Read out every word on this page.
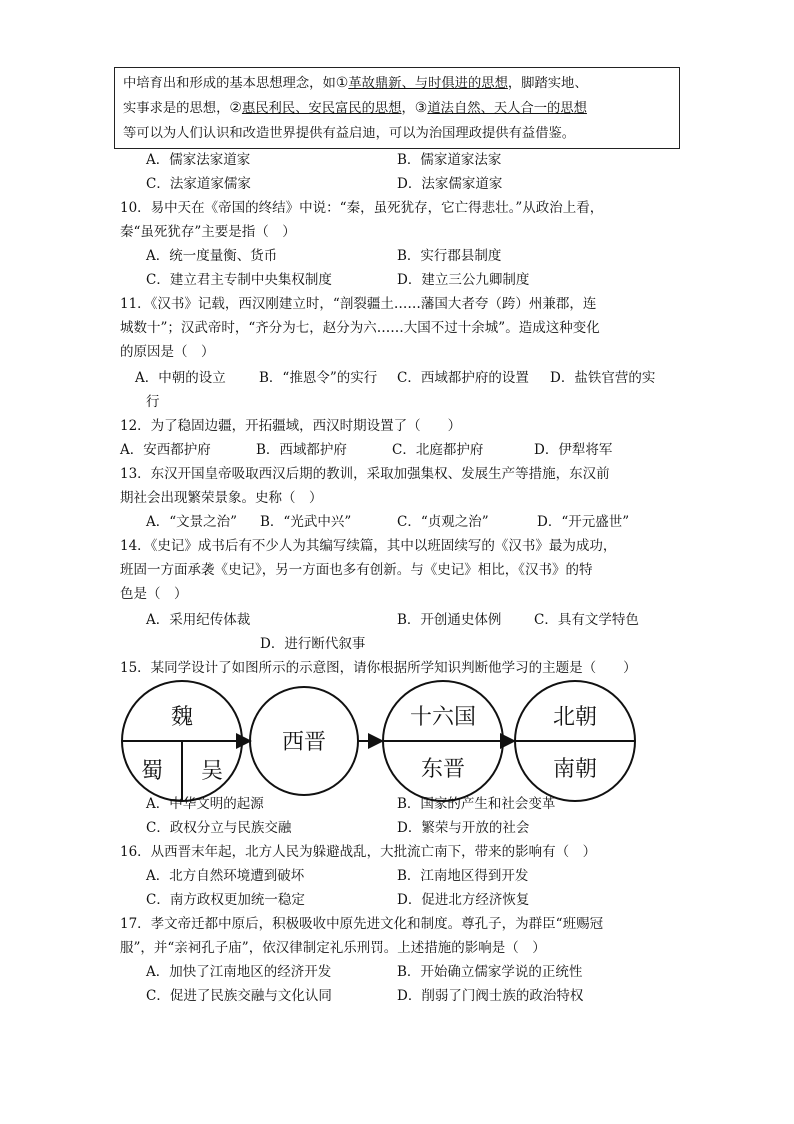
中培育出和形成的基本思想理念，如①革故鼎新、与时俱进的思想，脚踏实地、
实事求是的思想，②惠民利民、安民富民的思想，③道法自然、天人合一的思想
等可以为人们认识和改造世界提供有益启迪，可以为治国理政提供有益借鉴。
A．儒家法家道家	B．儒家道家法家
C．法家道家儒家	D．法家儒家道家
10．易中天在《帝国的终结》中说：“秦，虽死犹存，它亡得悲壮。”从政治上看，
秦“虽死犹存”主要是指（　）
A．统一度量衡、货币	B．实行郡县制度
C．建立君主专制中央集权制度	D．建立三公九卿制度
11．《汉书》记载，西汉刚建立时，“剖裂疆土……藩国大者夸（跨）州兼郡，连
城数十”；汉武帝时，“齐分为七，赵分为六……大国不过十余城”。造成这种变化
的原因是（　）
A．中朝的设立 B．“推恩令”的实行 C．西域都护府的设置 D．盐铁官营的实
行
12．为了稳固边疆，开拓疆域，西汉时期设置了（　　）
A．安西都护府	B．西域都护府	C．北庭都护府	D．伊犁将军
13．东汉开国皇帝吸取西汉后期的教训，采取加强集权、发展生产等措施，东汉前
期社会出现繁荣景象。史称（　）
A．“文景之治” B．“光武中兴”	C．“贞观之治”	D．“开元盛世”
14．《史记》成书后有不少人为其编写续篇，其中以班固续写的《汉书》最为成功，
班固一方面承袭《史记》，另一方面也多有创新。与《史记》相比，《汉书》的特
色是（　）
A．采用纪传体裁	B．开创通史体例 C．具有文学特色
D．进行断代叙事
15．某同学设计了如图所示的示意图，请你根据所学知识判断他学习的主题是（　　）
魏
蜀 吴
西晋
十六国
东晋
北朝
南朝
A．中华文明的起源	B．国家的产生和社会变革
C．政权分立与民族交融	D．繁荣与开放的社会
16．从西晋末年起，北方人民为躲避战乱，大批流亡南下，带来的影响有（　）
A．北方自然环境遭到破坏	B．江南地区得到开发
C．南方政权更加统一稳定	D．促进北方经济恢复
17．孝文帝迁都中原后，积极吸收中原先进文化和制度。尊孔子，为群臣“班赐冠
服”，并“亲祠孔子庙”，依汉律制定礼乐刑罚。上述措施的影响是（　）
A．加快了江南地区的经济开发	B．开始确立儒家学说的正统性
C．促进了民族交融与文化认同	D．削弱了门阀士族的政治特权
